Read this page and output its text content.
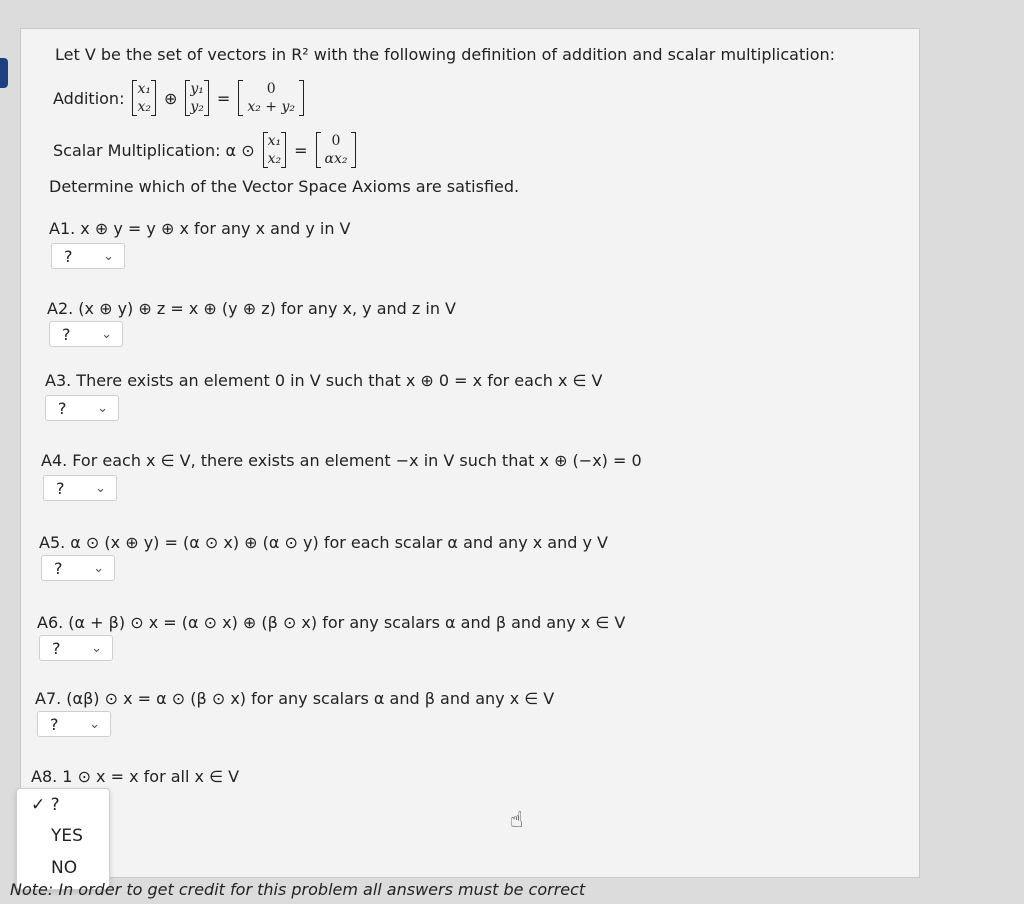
Let V be the set of vectors in R² with the following definition of addition and scalar multiplication:
Addition: x₁
x₂ ⊕ y₁
y₂ =	0
x₂ + y₂
Scalar Multiplication: α ⊙ x₁
x₂ = 0
αx₂
Determine which of the Vector Space Axioms are satisfied.
A1. x ⊕ y = y ⊕ x for any x and y in V
? ⌄
A2. (x ⊕ y) ⊕ z = x ⊕ (y ⊕ z) for any x, y and z in V
? ⌄
A3. There exists an element 0 in V such that x ⊕ 0 = x for each x ∈ V
? ⌄
A4. For each x ∈ V, there exists an element −x in V such that x ⊕ (−x) = 0
? ⌄
A5. α ⊙ (x ⊕ y) = (α ⊙ x) ⊕ (α ⊙ y) for each scalar α and any x and y V
? ⌄
A6. (α + β) ⊙ x = (α ⊙ x) ⊕ (β ⊙ x) for any scalars α and β and any x ∈ V
? ⌄
A7. (αβ) ⊙ x = α ⊙ (β ⊙ x) for any scalars α and β and any x ∈ V
? ⌄
A8. 1 ⊙ x = x for all x ∈ V
✓ ?
YES
NO
☝
Note: In order to get credit for this problem all answers must be correct
